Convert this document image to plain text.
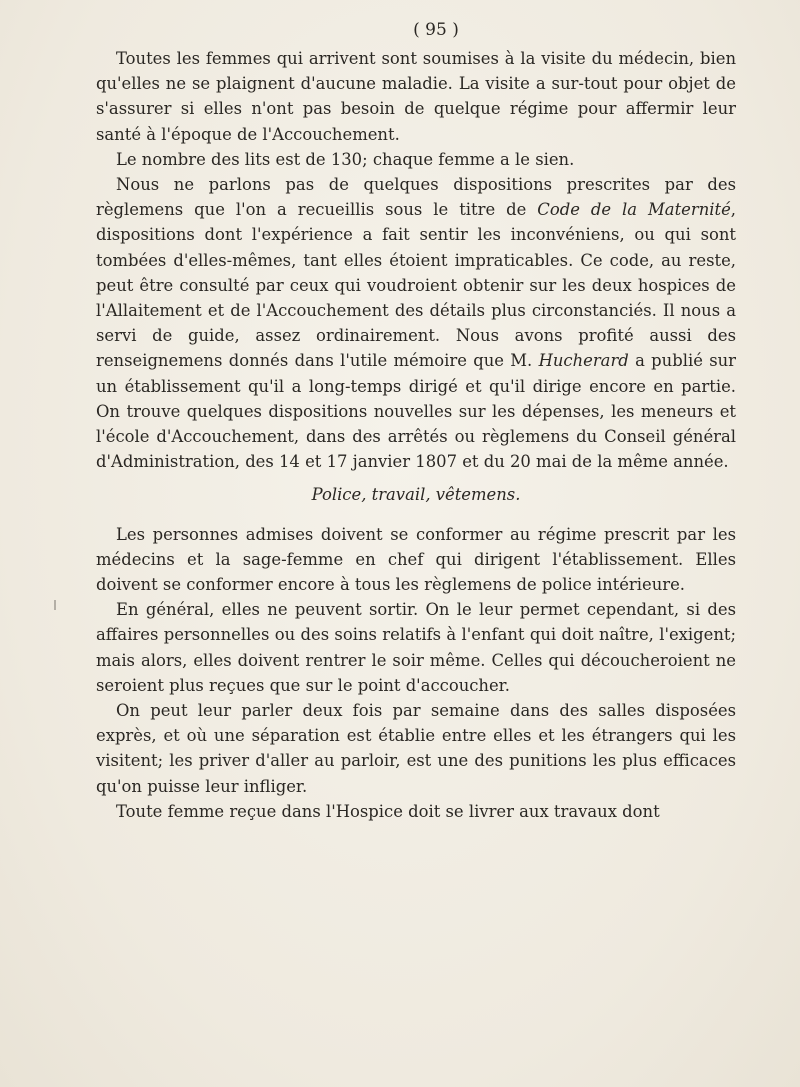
( 95 )

Toutes les femmes qui arrivent sont soumises à la visite du médecin, bien qu'elles ne se plaignent d'aucune maladie. La visite a sur-tout pour objet de s'assurer si elles n'ont pas besoin de quelque régime pour affermir leur santé à l'époque de l'Accouchement.

Le nombre des lits est de 130; chaque femme a le sien.

Nous ne parlons pas de quelques dispositions prescrites par des règlemens que l'on a recueillis sous le titre de Code de la Maternité, dispositions dont l'expérience a fait sentir les inconvéniens, ou qui sont tombées d'elles-mêmes, tant elles étoient impraticables. Ce code, au reste, peut être consulté par ceux qui voudroient obtenir sur les deux hospices de l'Allaitement et de l'Accouchement des détails plus circonstanciés. Il nous a servi de guide, assez ordinairement. Nous avons profité aussi des renseignemens donnés dans l'utile mémoire que M. Hucherard a publié sur un établissement qu'il a long-temps dirigé et qu'il dirige encore en partie. On trouve quelques dispositions nouvelles sur les dépenses, les meneurs et l'école d'Accouchement, dans des arrêtés ou règlemens du Conseil général d'Administration, des 14 et 17 janvier 1807 et du 20 mai de la même année.

Police, travail, vêtemens.

Les personnes admises doivent se conformer au régime prescrit par les médecins et la sage-femme en chef qui dirigent l'établissement. Elles doivent se conformer encore à tous les règlemens de police intérieure.

En général, elles ne peuvent sortir. On le leur permet cependant, si des affaires personnelles ou des soins relatifs à l'enfant qui doit naître, l'exigent; mais alors, elles doivent rentrer le soir même. Celles qui découcheroient ne seroient plus reçues que sur le point d'accoucher.

On peut leur parler deux fois par semaine dans des salles disposées exprès, et où une séparation est établie entre elles et les étrangers qui les visitent; les priver d'aller au parloir, est une des punitions les plus efficaces qu'on puisse leur infliger.

Toute femme reçue dans l'Hospice doit se livrer aux travaux dont
